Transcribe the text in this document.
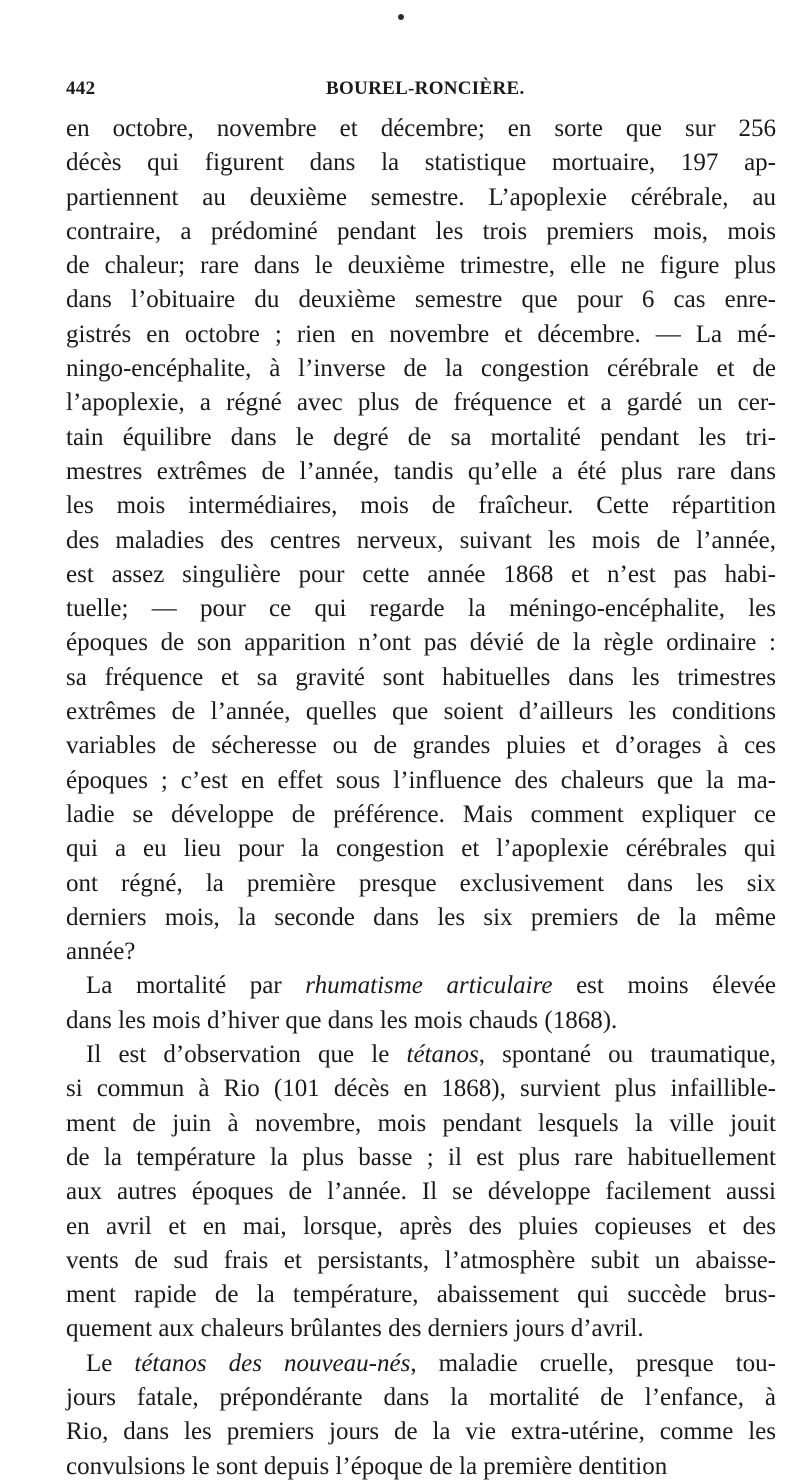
442	BOUREL-RONCIÈRE.
en octobre, novembre et décembre; en sorte que sur 256
décès qui figurent dans la statistique mortuaire, 197 ap-
partiennent au deuxième semestre. L’apoplexie cérébrale, au
contraire, a prédominé pendant les trois premiers mois, mois
de chaleur; rare dans le deuxième trimestre, elle ne figure plus
dans l’obituaire du deuxième semestre que pour 6 cas enre-
gistrés en octobre ; rien en novembre et décembre. — La mé-
ningo-encéphalite, à l’inverse de la congestion cérébrale et de
l’apoplexie, a régné avec plus de fréquence et a gardé un cer-
tain équilibre dans le degré de sa mortalité pendant les tri-
mestres extrêmes de l’année, tandis qu’elle a été plus rare dans
les mois intermédiaires, mois de fraîcheur. Cette répartition
des maladies des centres nerveux, suivant les mois de l’année,
est assez singulière pour cette année 1868 et n’est pas habi-
tuelle; — pour ce qui regarde la méningo-encéphalite, les
époques de son apparition n’ont pas dévié de la règle ordinaire :
sa fréquence et sa gravité sont habituelles dans les trimestres
extrêmes de l’année, quelles que soient d’ailleurs les conditions
variables de sécheresse ou de grandes pluies et d’orages à ces
époques ; c’est en effet sous l’influence des chaleurs que la ma-
ladie se développe de préférence. Mais comment expliquer ce
qui a eu lieu pour la congestion et l’apoplexie cérébrales qui
ont régné, la première presque exclusivement dans les six
derniers mois, la seconde dans les six premiers de la même
année?
La mortalité par rhumatisme articulaire est moins élevée
dans les mois d’hiver que dans les mois chauds (1868).
Il est d’observation que le tétanos, spontané ou traumatique,
si commun à Rio (101 décès en 1868), survient plus infaillible-
ment de juin à novembre, mois pendant lesquels la ville jouit
de la température la plus basse ; il est plus rare habituellement
aux autres époques de l’année. Il se développe facilement aussi
en avril et en mai, lorsque, après des pluies copieuses et des
vents de sud frais et persistants, l’atmosphère subit un abaisse-
ment rapide de la température, abaissement qui succède brus-
quement aux chaleurs brûlantes des derniers jours d’avril.
Le tétanos des nouveau-nés, maladie cruelle, presque tou-
jours fatale, prépondérante dans la mortalité de l’enfance, à
Rio, dans les premiers jours de la vie extra-utérine, comme les
convulsions le sont depuis l’époque de la première dentition
